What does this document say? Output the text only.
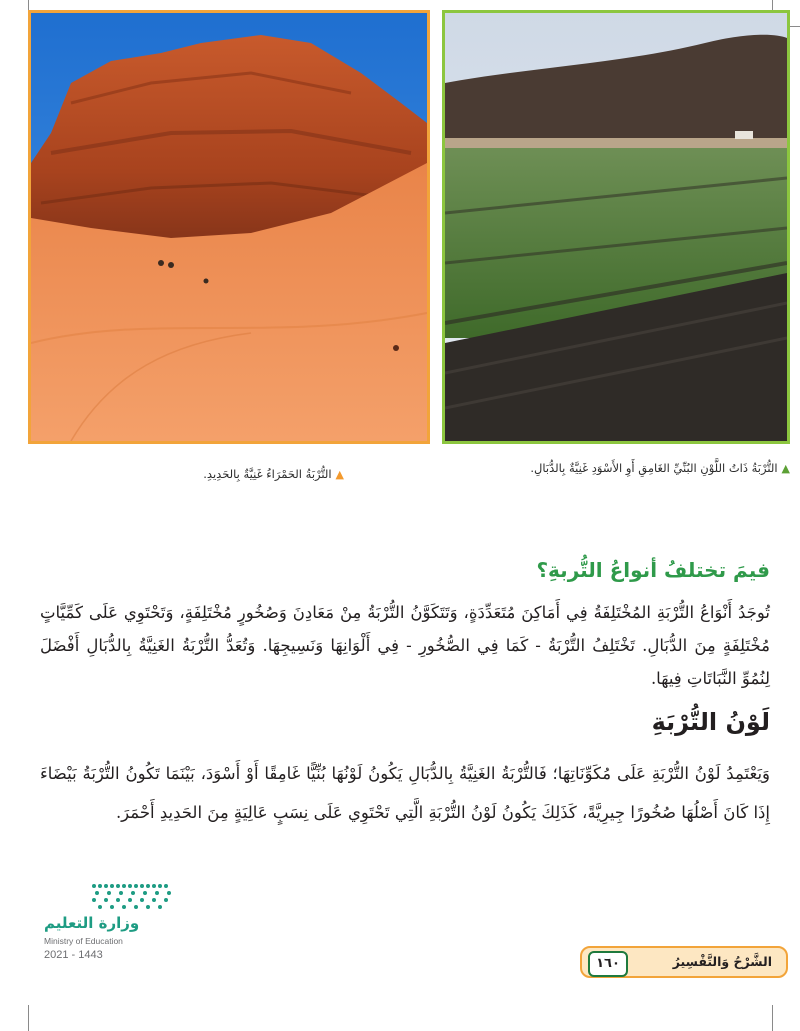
▲التُّرْبَةُ الحَمْرَاءُ غَنِيَّةٌ بِالحَدِيدِ.	▲التُّرْبَةُ ذَاتُ اللَّوْنِ البُنِّيِّ الغَامِقِ أَوِ الأَسْوَدِ غَنِيَّةٌ بِالدُّبَالِ.
فيمَ تختلفُ أنواعُ التُّربةِ؟

تُوجَدُ أَنْوَاعُ التُّرْبَةِ المُخْتَلِفَةُ فِي أَمَاكِنَ مُتَعَدِّدَةٍ، وَتَتَكَوَّنُ التُّرْبَةُ مِنْ مَعَادِنَ وَصُخُورٍ مُخْتَلِفَةٍ، وَتَحْتَوِي عَلَى كَمِّيَّاتٍ مُخْتَلِفَةٍ مِنَ الدُّبَالِ. تَخْتَلِفُ التُّرْبَةُ - كَمَا فِي الصُّخُورِ - فِي أَلْوَانِهَا وَنَسِيجِهَا. وَتُعَدُّ التُّرْبَةُ الغَنِيَّةُ بِالدُّبَالِ أَفْضَلَ لِنُمُوِّ النَّبَاتَاتِ فِيهَا.

لَوْنُ التُّرْبَةِ

وَيَعْتَمِدُ لَوْنُ التُّرْبَةِ عَلَى مُكَوِّنَاتِهَا؛ فَالتُّرْبَةُ الغَنِيَّةُ بِالدُّبَالِ يَكُونُ لَوْنُهَا بُنِّيًّا غَامِقًا أَوْ أَسْوَدَ، بَيْنَمَا تَكُونُ التُّرْبَةُ بَيْضَاءَ إِذَا كَانَ أَصْلُهَا صُخُورًا جِيرِيَّةً، كَذَلِكَ يَكُونُ لَوْنُ التُّرْبَةِ الَّتِي تَحْتَوِي عَلَى نِسَبٍ عَالِيَةٍ مِنَ الحَدِيدِ أَحْمَرَ.

وزارة التعليم
Ministry of Education
2021 - 1443	الشَّرْحُ وَالتَّفْسِيرُ
١٦٠
